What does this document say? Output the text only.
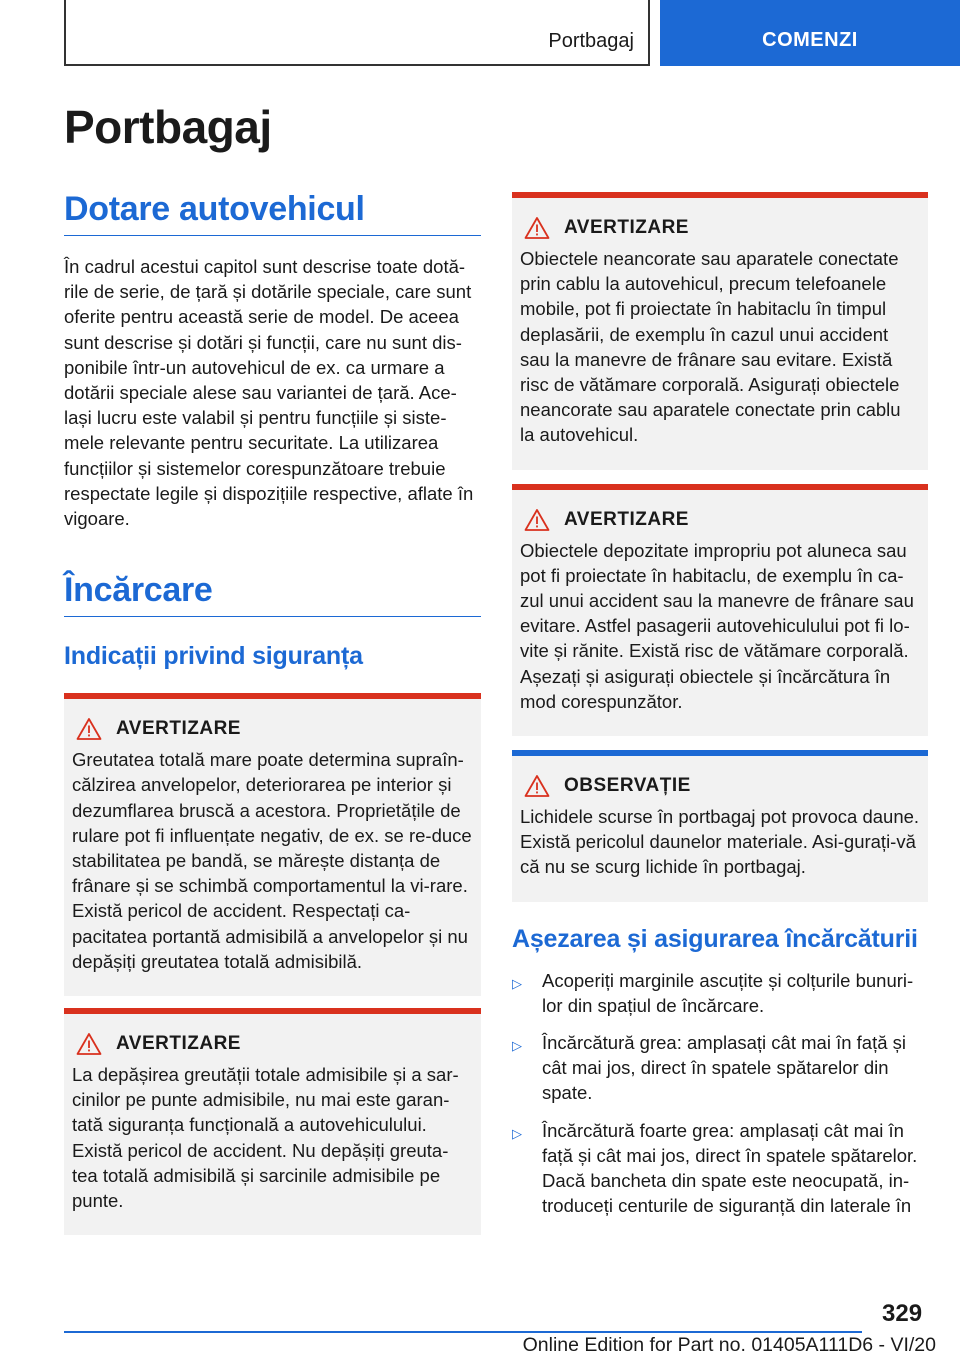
Portbagaj	COMENZI
Portbagaj
Dotare autovehicul
În cadrul acestui capitol sunt descrise toate dotă-rile de serie, de țară și dotările speciale, care sunt oferite pentru această serie de model. De aceea sunt descrise și dotări și funcții, care nu sunt dis-ponibile într-un autovehicul de ex. ca urmare a dotării speciale alese sau variantei de țară. Ace-lași lucru este valabil și pentru funcțiile și siste-mele relevante pentru securitate. La utilizarea funcțiilor și sistemelor corespunzătoare trebuie respectate legile și dispozițiile respective, aflate în vigoare.
Încărcare
Indicații privind siguranța
AVERTIZARE
Greutatea totală mare poate determina supraîn-călzirea anvelopelor, deteriorarea pe interior și dezumflarea bruscă a acestora. Proprietățile de rulare pot fi influențate negativ, de ex. se re-duce stabilitatea pe bandă, se mărește distanța de frânare și se schimbă comportamentul la vi-rare. Există pericol de accident. Respectați ca-pacitatea portantă admisibilă a anvelopelor și nu depășiți greutatea totală admisibilă.
AVERTIZARE
La depășirea greutății totale admisibile și a sar-cinilor pe punte admisibile, nu mai este garan-tată siguranța funcțională a autovehiculului. Există pericol de accident. Nu depășiți greuta-tea totală admisibilă și sarcinile admisibile pe punte.
AVERTIZARE
Obiectele neancorate sau aparatele conectate prin cablu la autovehicul, precum telefoanele mobile, pot fi proiectate în habitaclu în timpul deplasării, de exemplu în cazul unui accident sau la manevre de frânare sau evitare. Există risc de vătămare corporală. Asigurați obiectele neancorate sau aparatele conectate prin cablu la autovehicul.
AVERTIZARE
Obiectele depozitate impropriu pot aluneca sau pot fi proiectate în habitaclu, de exemplu în ca-zul unui accident sau la manevre de frânare sau evitare. Astfel pasagerii autovehiculului pot fi lo-vite și rănite. Există risc de vătămare corporală. Așezați și asigurați obiectele și încărcătura în mod corespunzător.
OBSERVAȚIE
Lichidele scurse în portbagaj pot provoca daune. Există pericolul daunelor materiale. Asi-gurați-vă că nu se scurg lichide în portbagaj.
Așezarea și asigurarea încărcăturii
▷	Acoperiți marginile ascuțite și colțurile bunuri-lor din spațiul de încărcare.
▷	Încărcătură grea: amplasați cât mai în față și cât mai jos, direct în spatele spătarelor din spate.
▷	Încărcătură foarte grea: amplasați cât mai în față și cât mai jos, direct în spatele spătarelor. Dacă bancheta din spate este neocupată, in-troduceți centurile de siguranță din laterale în
329
Online Edition for Part no. 01405A111D6 - VI/20
